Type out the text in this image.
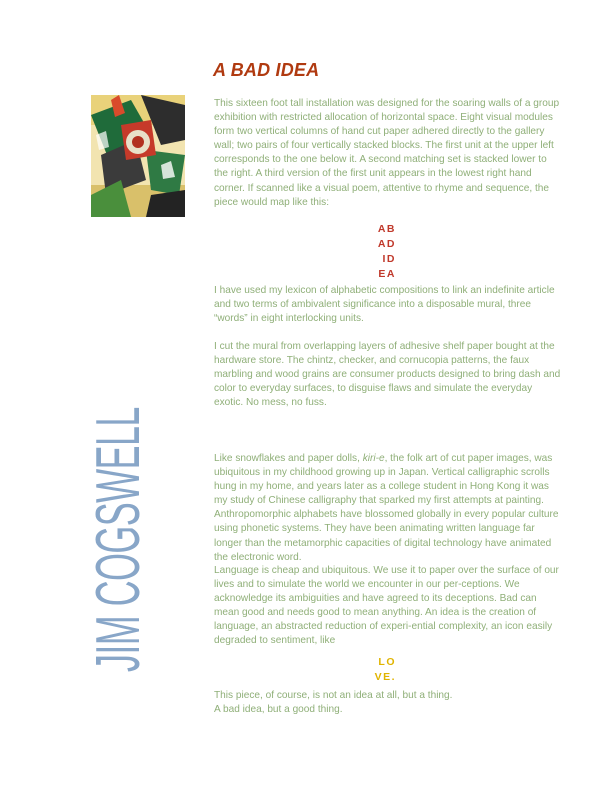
JIM COGSWELL
A BAD IDEA

This sixteen foot tall installation was designed for the soaring walls of a group exhibition with restricted allocation of horizontal space. Eight visual modules form two vertical columns of hand cut paper adhered directly to the gallery wall; two pairs of four vertically stacked blocks. The first unit at the upper left corresponds to the one below it. A second matching set is stacked lower to the right. A third version of the first unit appears in the lowest right hand corner. If scanned like a visual poem, attentive to rhyme and sequence, the piece would map like this:

AB
AD
ID
EA

I have used my lexicon of alphabetic compositions to link an indefinite article and two terms of ambivalent significance into a disposable mural, three “words” in eight interlocking units.

I cut the mural from overlapping layers of adhesive shelf paper bought at the hardware store. The chintz, checker, and cornucopia patterns, the faux marbling and wood grains are consumer products designed to bring dash and color to everyday surfaces, to disguise flaws and simulate the everyday exotic. No mess, no fuss.

Like snowflakes and paper dolls, kiri-e, the folk art of cut paper images, was ubiquitous in my childhood growing up in Japan. Vertical calligraphic scrolls hung in my home, and years later as a college student in Hong Kong it was my study of Chinese calligraphy that sparked my first attempts at painting. Anthropomorphic alphabets have blossomed globally in every popular culture using phonetic systems. They have been animating written language far longer than the metamorphic capacities of digital technology have animated the electronic word.

Language is cheap and ubiquitous. We use it to paper over the surface of our lives and to simulate the world we encounter in our per-ceptions. We acknowledge its ambiguities and have agreed to its deceptions. Bad can mean good and needs good to mean anything. An idea is the creation of language, an abstracted reduction of experi-ential complexity, an icon easily degraded to sentiment, like

LO
VE.
This piece, of course, is not an idea at all, but a thing.
A bad idea, but a good thing.
